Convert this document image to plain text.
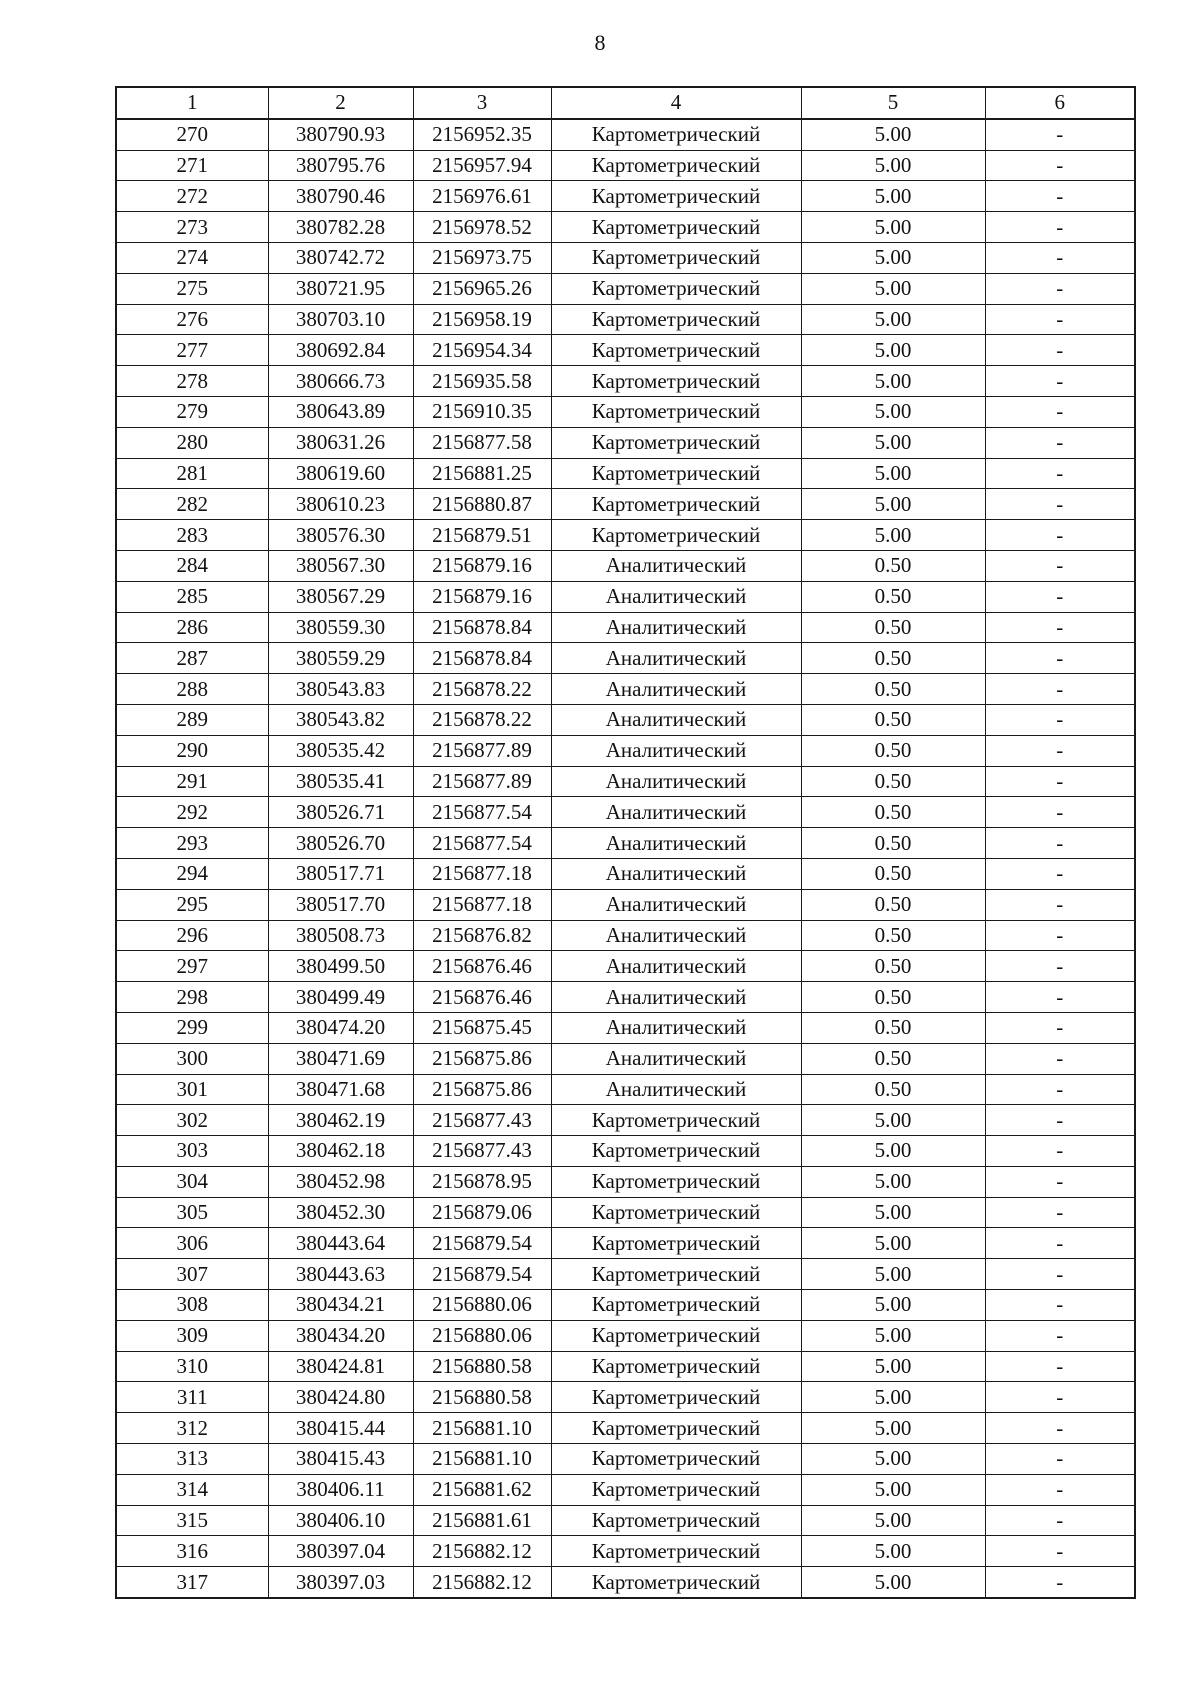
8
1	2	3	4	5	6
270	380790.93	2156952.35	Картометрический	5.00	-
271	380795.76	2156957.94	Картометрический	5.00	-
272	380790.46	2156976.61	Картометрический	5.00	-
273	380782.28	2156978.52	Картометрический	5.00	-
274	380742.72	2156973.75	Картометрический	5.00	-
275	380721.95	2156965.26	Картометрический	5.00	-
276	380703.10	2156958.19	Картометрический	5.00	-
277	380692.84	2156954.34	Картометрический	5.00	-
278	380666.73	2156935.58	Картометрический	5.00	-
279	380643.89	2156910.35	Картометрический	5.00	-
280	380631.26	2156877.58	Картометрический	5.00	-
281	380619.60	2156881.25	Картометрический	5.00	-
282	380610.23	2156880.87	Картометрический	5.00	-
283	380576.30	2156879.51	Картометрический	5.00	-
284	380567.30	2156879.16	Аналитический	0.50	-
285	380567.29	2156879.16	Аналитический	0.50	-
286	380559.30	2156878.84	Аналитический	0.50	-
287	380559.29	2156878.84	Аналитический	0.50	-
288	380543.83	2156878.22	Аналитический	0.50	-
289	380543.82	2156878.22	Аналитический	0.50	-
290	380535.42	2156877.89	Аналитический	0.50	-
291	380535.41	2156877.89	Аналитический	0.50	-
292	380526.71	2156877.54	Аналитический	0.50	-
293	380526.70	2156877.54	Аналитический	0.50	-
294	380517.71	2156877.18	Аналитический	0.50	-
295	380517.70	2156877.18	Аналитический	0.50	-
296	380508.73	2156876.82	Аналитический	0.50	-
297	380499.50	2156876.46	Аналитический	0.50	-
298	380499.49	2156876.46	Аналитический	0.50	-
299	380474.20	2156875.45	Аналитический	0.50	-
300	380471.69	2156875.86	Аналитический	0.50	-
301	380471.68	2156875.86	Аналитический	0.50	-
302	380462.19	2156877.43	Картометрический	5.00	-
303	380462.18	2156877.43	Картометрический	5.00	-
304	380452.98	2156878.95	Картометрический	5.00	-
305	380452.30	2156879.06	Картометрический	5.00	-
306	380443.64	2156879.54	Картометрический	5.00	-
307	380443.63	2156879.54	Картометрический	5.00	-
308	380434.21	2156880.06	Картометрический	5.00	-
309	380434.20	2156880.06	Картометрический	5.00	-
310	380424.81	2156880.58	Картометрический	5.00	-
311	380424.80	2156880.58	Картометрический	5.00	-
312	380415.44	2156881.10	Картометрический	5.00	-
313	380415.43	2156881.10	Картометрический	5.00	-
314	380406.11	2156881.62	Картометрический	5.00	-
315	380406.10	2156881.61	Картометрический	5.00	-
316	380397.04	2156882.12	Картометрический	5.00	-
317	380397.03	2156882.12	Картометрический	5.00	-
